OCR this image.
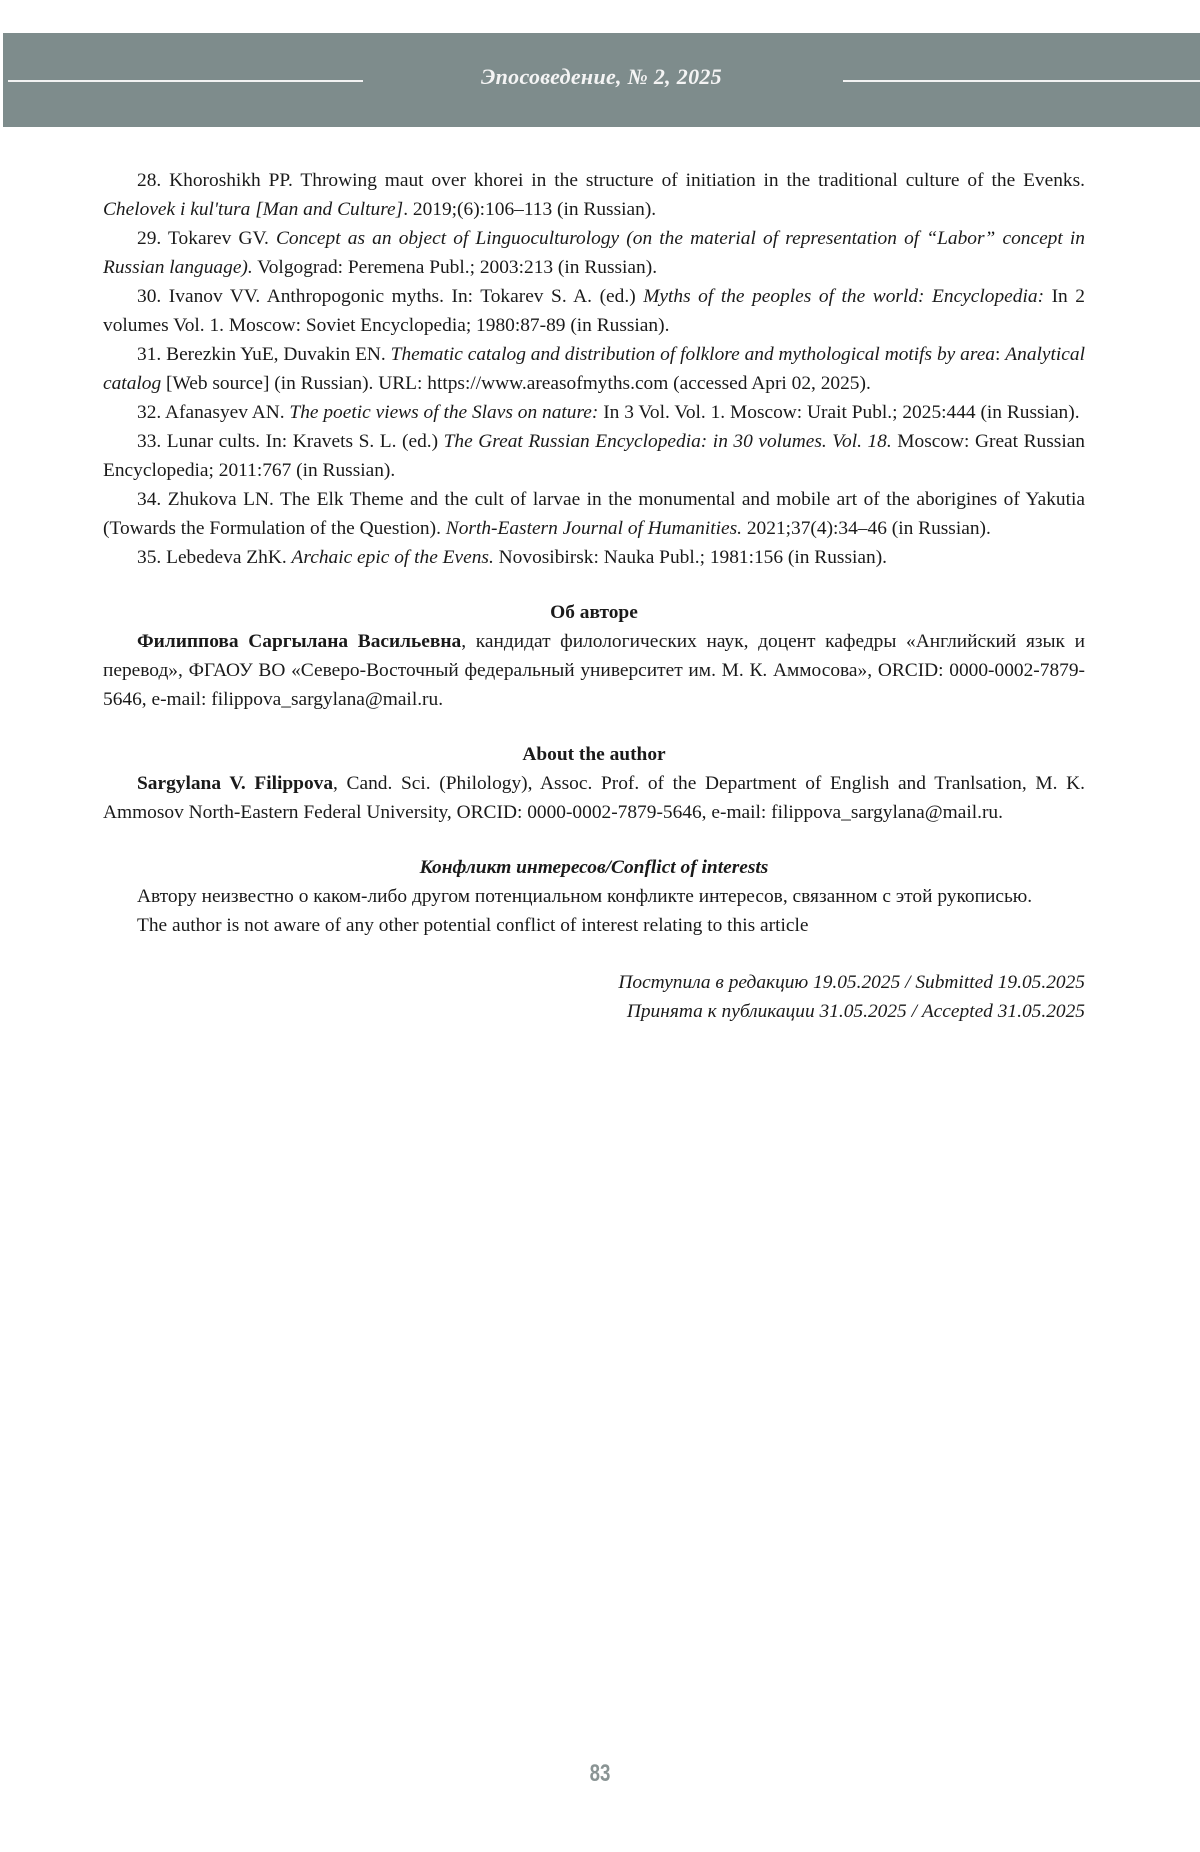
Эпосоведение, № 2, 2025

28. Khoroshikh PP. Throwing maut over khorei in the structure of initiation in the traditional culture of the Evenks. Chelovek i kul'tura [Man and Culture]. 2019;(6):106–113 (in Russian).

29. Tokarev GV. Concept as an object of Linguoculturology (on the material of representation of “Labor” concept in Russian language). Volgograd: Peremena Publ.; 2003:213 (in Russian).

30. Ivanov VV. Anthropogonic myths. In: Tokarev S. A. (ed.) Myths of the peoples of the world: Encyclopedia: In 2 volumes Vol. 1. Moscow: Soviet Encyclopedia; 1980:87-89 (in Russian).

31. Berezkin YuE, Duvakin EN. Thematic catalog and distribution of folklore and mythological motifs by area: Analytical catalog [Web source] (in Russian). URL: https://www.areasofmyths.com (accessed Apri 02, 2025).

32. Afanasyev AN. The poetic views of the Slavs on nature: In 3 Vol. Vol. 1. Moscow: Urait Publ.; 2025:444 (in Russian).

33. Lunar cults. In: Kravets S. L. (ed.) The Great Russian Encyclopedia: in 30 volumes. Vol. 18. Moscow: Great Russian Encyclopedia; 2011:767 (in Russian).

34. Zhukova LN. The Elk Theme and the cult of larvae in the monumental and mobile art of the aborigines of Yakutia (Towards the Formulation of the Question). North-Eastern Journal of Humanities. 2021;37(4):34–46 (in Russian).

35. Lebedeva ZhK. Archaic epic of the Evens. Novosibirsk: Nauka Publ.; 1981:156 (in Russian).

Об авторе

Филиппова Саргылана Васильевна, кандидат филологических наук, доцент кафедры «Английский язык и перевод», ФГАОУ ВО «Северо-Восточный федеральный университет им. М. К. Аммосова», ORCID: 0000-0002-7879-5646, e-mail: filippova_sargylana@mail.ru.

About the author

Sargylana V. Filippova, Cand. Sci. (Philology), Assoc. Prof. of the Department of English and Tranlsation, M. K. Ammosov North-Eastern Federal University, ORCID: 0000-0002-7879-5646, e-mail: filippova_sargylana@mail.ru.

Конфликт интересов/Conflict of interests

Автору неизвестно о каком-либо другом потенциальном конфликте интересов, связанном с этой рукописью.

The author is not aware of any other potential conflict of interest relating to this article

Поступила в редакцию 19.05.2025 / Submitted 19.05.2025

Принята к публикации 31.05.2025 / Accepted 31.05.2025

83
